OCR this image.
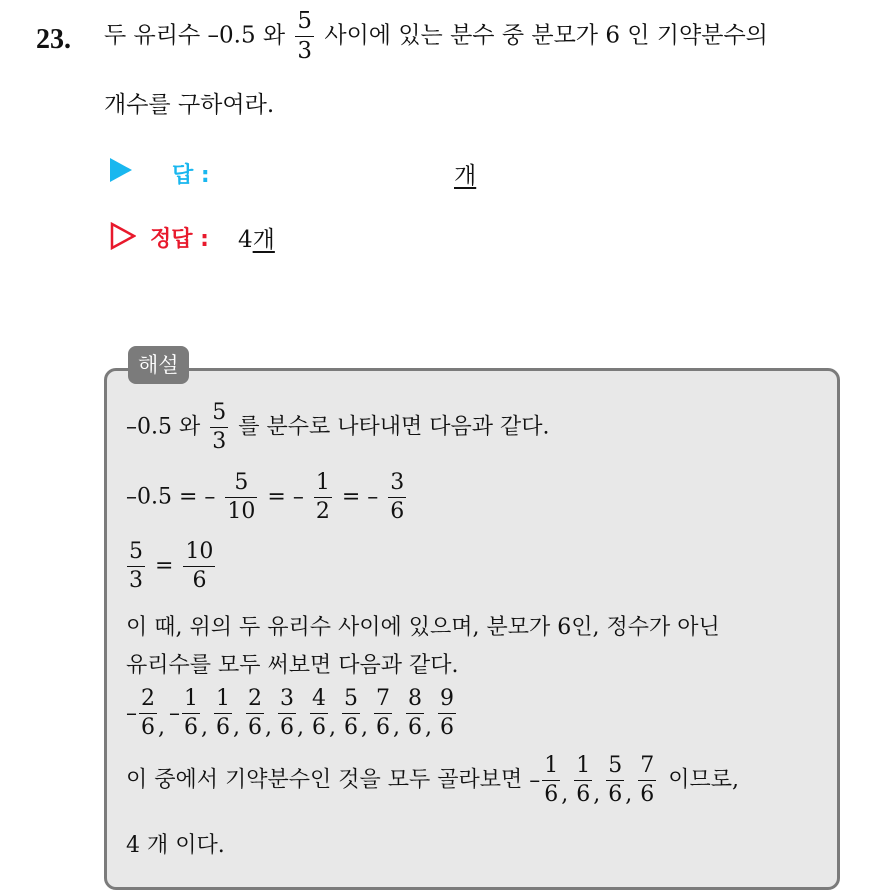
23. 두 유리수 –0.5 와 $\frac{5}{3}$ 사이에 있는 분수 중 분모가 6 인 기약분수의
개수를 구하여라.
답 :	개
정답 : 4개
해설
–0.5 와 $\frac{5}{3}$ 를 분수로 나타내면 다음과 같다.
–0.5 = – $\frac{5}{10}$ = – $\frac{1}{2}$ = – $\frac{3}{6}$
$\frac{5}{3} = \frac{10}{6}$
이 때, 위의 두 유리수 사이에 있으며, 분모가 6인, 정수가 아닌
유리수를 모두 써보면 다음과 같다.
– $\frac{2}{6}$ ,– $\frac{1}{6}$ , $\frac{1}{6}$ , $\frac{2}{6}$ , $\frac{3}{6}$ , $\frac{4}{6}$ , $\frac{5}{6}$ , $\frac{7}{6}$ , $\frac{8}{6}$ , $\frac{9}{6}$
이 중에서 기약분수인 것을 모두 골라보면 – $\frac{1}{6}$ , $\frac{1}{6}$ , $\frac{5}{6}$ , $\frac{7}{6}$ 이므로,
4 개 이다.
